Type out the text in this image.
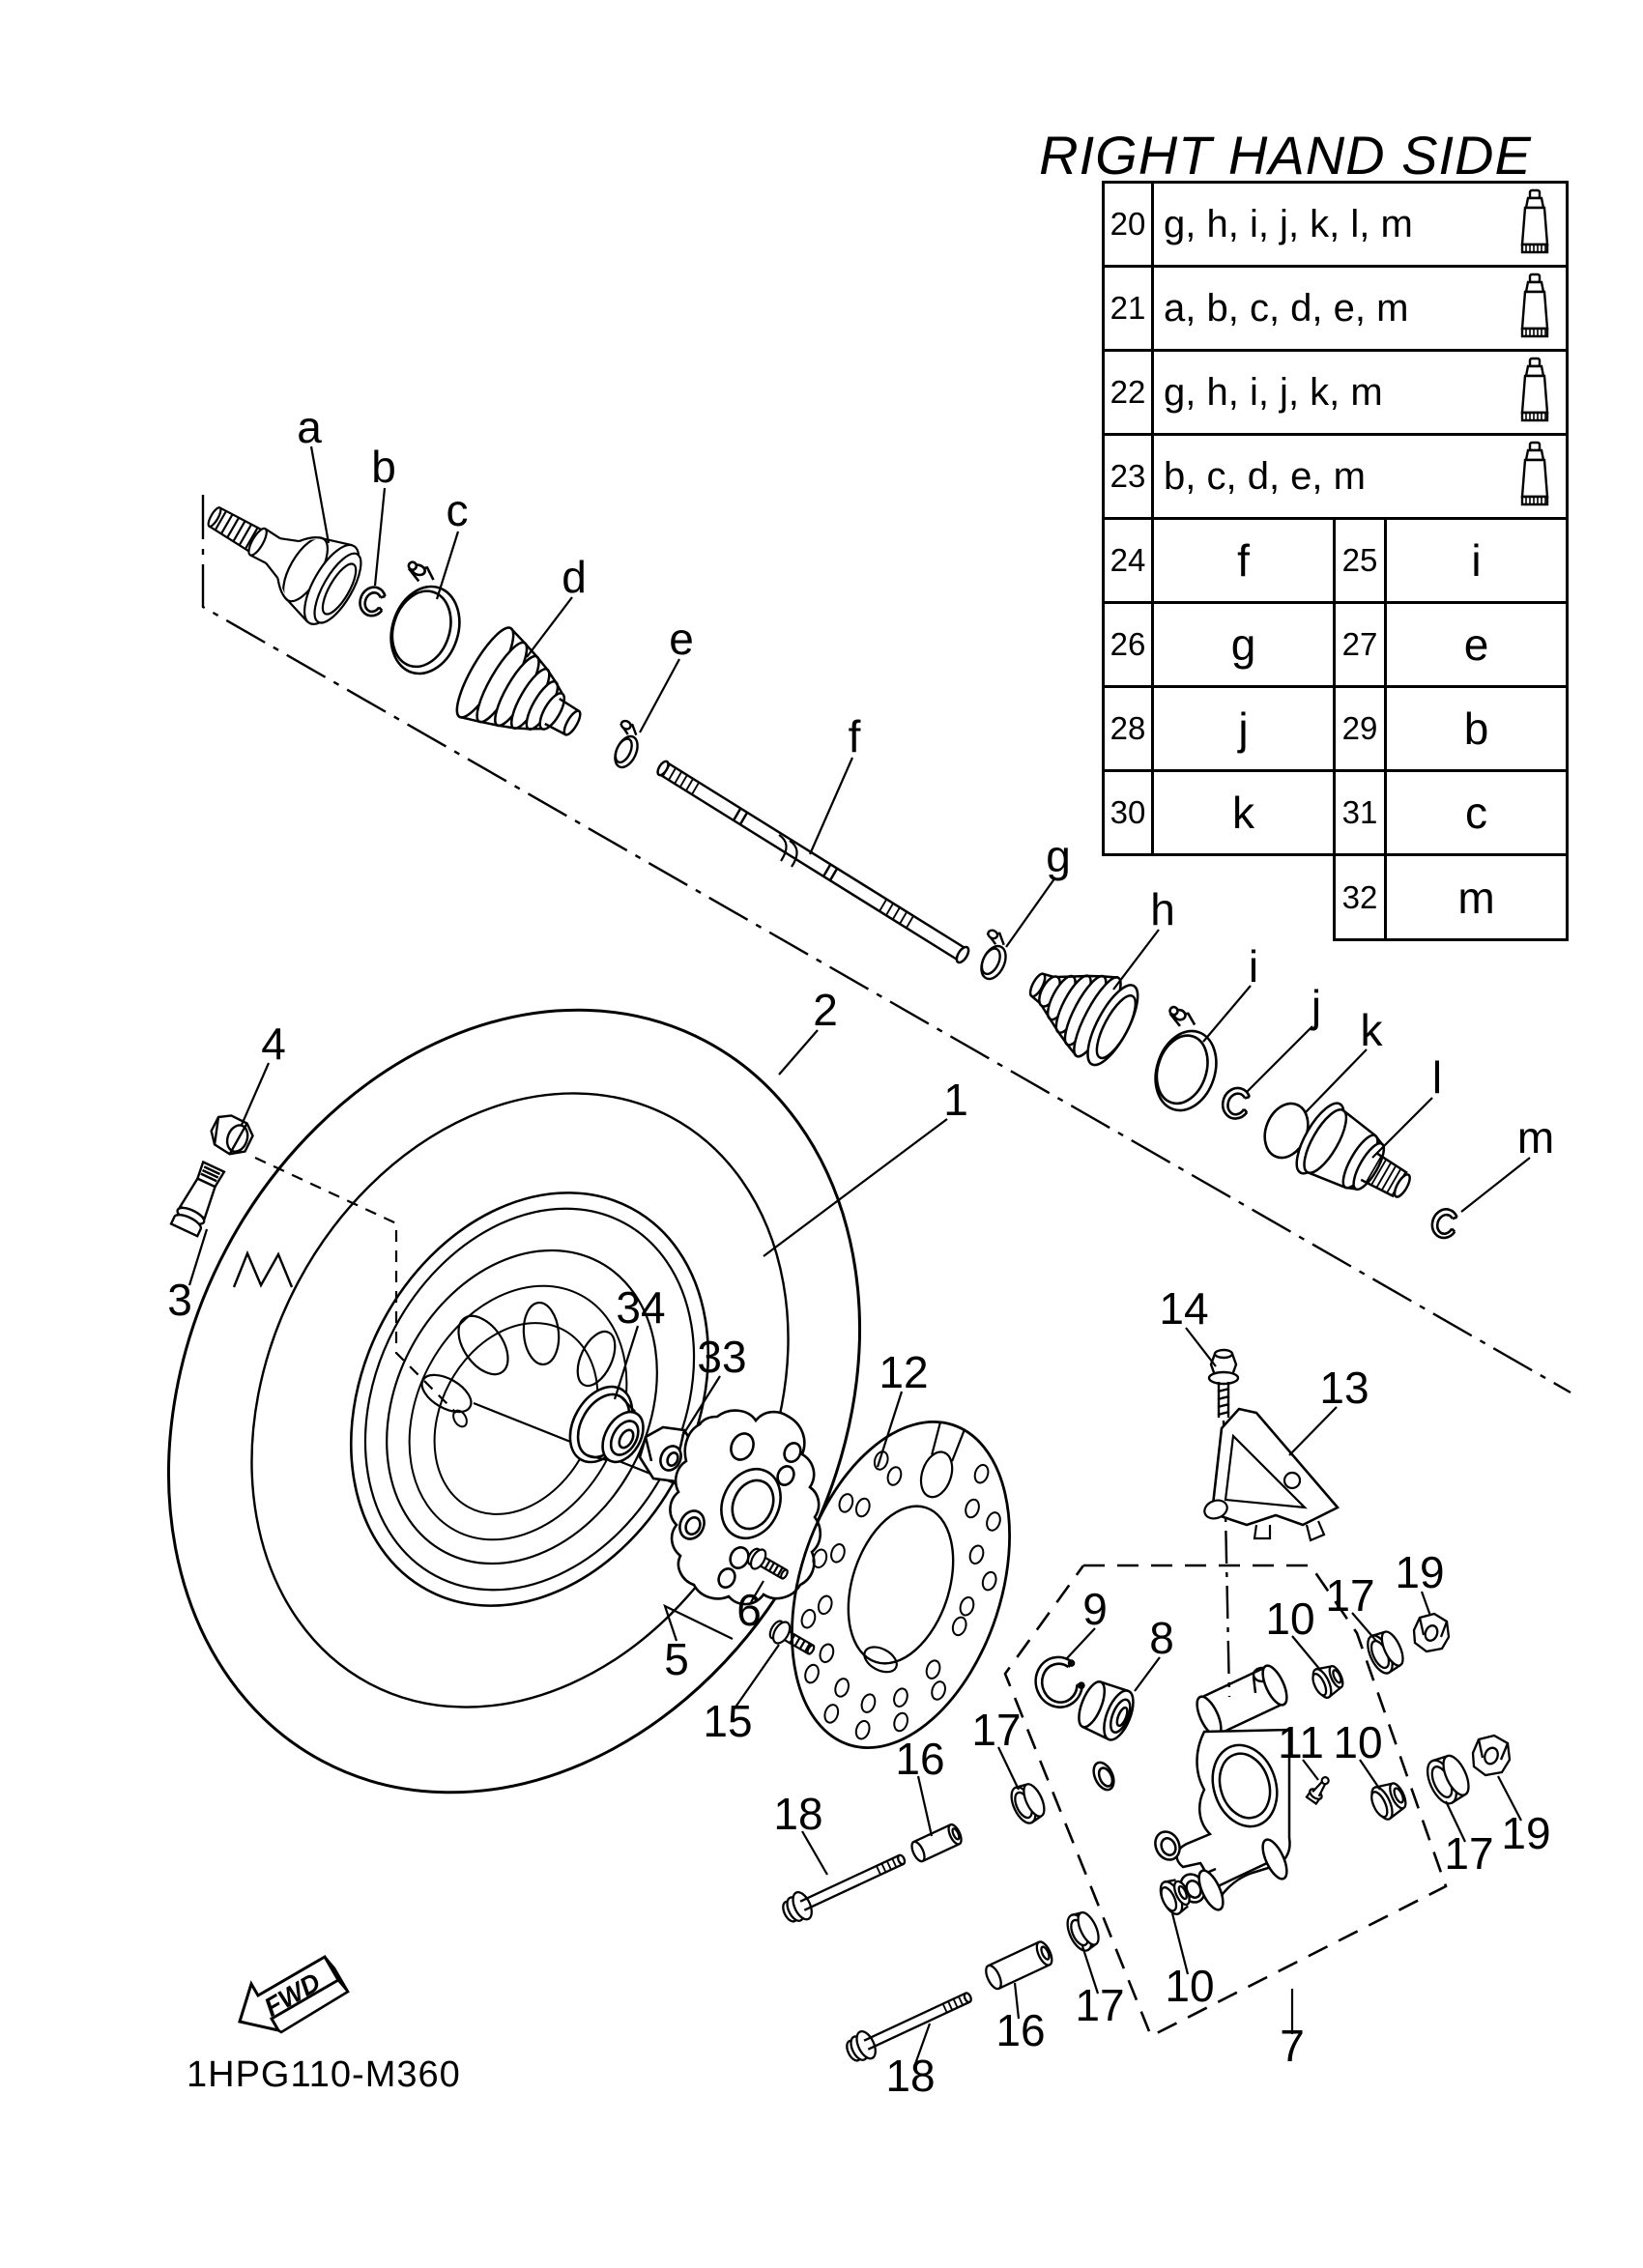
FWD
a
b
c
d
e
f
g
h
i
j k
l
m
1
2
3
4
5
6
7
8
9	10
10
10
11
12	13
14
15
16
16
17
17
17
17
18
18
19
19
33
34
RIGHT HAND SIDE
20	g, h, i, j, k, l, m		

21	a, b, c, d, e, m		

22	g, h, i, j, k, m		

23	b, c, d, e, m		

24	f	25	i
26	g	27	e
28	j	29	b
30	k	31	c
		32	m
1HPG110-M360
